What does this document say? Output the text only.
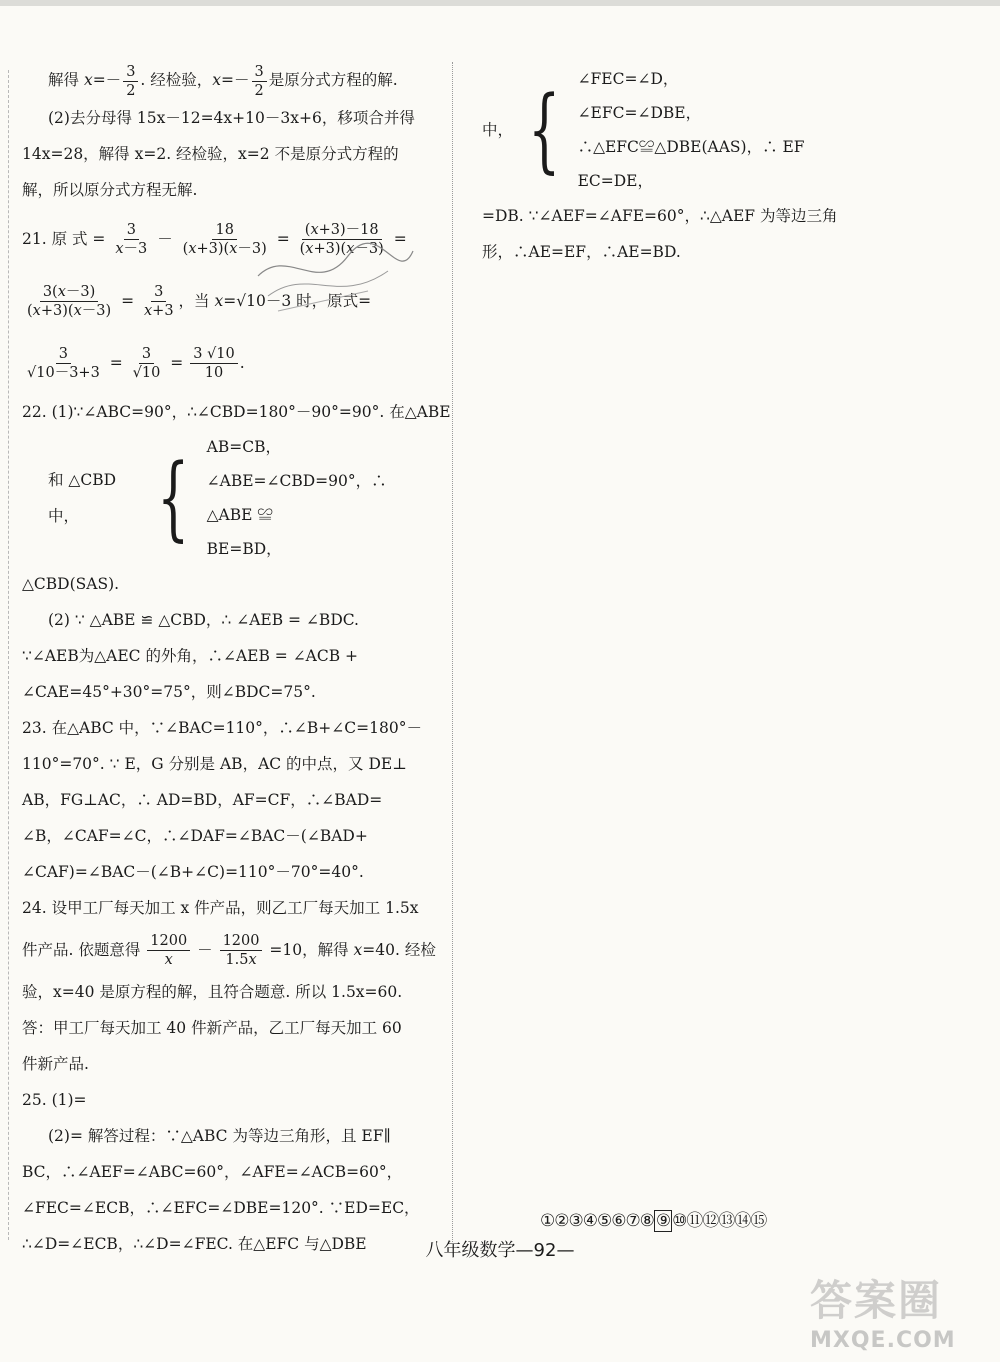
解得 $x=- \frac{3}{2}$ . 经检验，$x=- \frac{3}{2}$ 是原分式方程的解.
(2)去分母得 15x－12=4x+10－3x+6，移项合并得
14x=28，解得 x=2. 经检验，x=2 不是原分式方程的
解，所以原分式方程无解.
21. 原 式 = $\frac{3}{x-3} - \frac{18}{(x+3)(x-3)} = \frac{(x+3)-18}{(x+3)(x-3)}$ =
$\frac{3(x-3)}{(x+3)(x-3)} = \frac{3}{x+3}$ ，当 x=√10－3 时，原式=
$\frac{3}{√10-3+3} = \frac{3}{√10} = \frac{3 √10}{10}$ .
22. (1)∵∠ABC=90°，∴∠CBD=180°－90°=90°. 在△ABE
和 △CBD 中， { AB=CB，
∠ABE=∠CBD=90°，∴ △ABE ≌
BE=BD，
△CBD(SAS).
(2) ∵ △ABE ≌ △CBD，∴ ∠AEB = ∠BDC.
∵∠AEB为△AEC 的外角，∴∠AEB = ∠ACB +
∠CAE=45°+30°=75°，则∠BDC=75°.
23. 在△ABC 中，∵∠BAC=110°，∴∠B+∠C=180°－
110°=70°. ∵ E，G 分别是 AB，AC 的中点，又 DE⊥
AB，FG⊥AC，∴ AD=BD，AF=CF，∴∠BAD=
∠B，∠CAF=∠C，∴∠DAF=∠BAC－(∠BAD+
∠CAF)=∠BAC－(∠B+∠C)=110°－70°=40°.
24. 设甲工厂每天加工 x 件产品，则乙工厂每天加工 1.5x
件产品. 依题意得 $\frac{1200}{x} - \frac{1200}{1.5x} =10$，解得 x=40. 经检
验，x=40 是原方程的解，且符合题意. 所以 1.5x=60.
答：甲工厂每天加工 40 件新产品，乙工厂每天加工 60
件新产品.
25. (1)=
(2)= 解答过程：∵△ABC 为等边三角形，且 EF∥
BC，∴∠AEF=∠ABC=60°，∠AFE=∠ACB=60°，
∠FEC=∠ECB，∴∠EFC=∠DBE=120°. ∵ED=EC，
∴∠D=∠ECB，∴∠D=∠FEC. 在△EFC 与△DBE
中， { ∠FEC=∠D，
∠EFC=∠DBE，∴△EFC≌△DBE(AAS)，∴ EF
EC=DE，
=DB. ∵∠AEF=∠AFE=60°，∴△AEF 为等边三角
形，∴AE=EF，∴AE=BD.
①②③④⑤⑥⑦⑧ ⑨ ⑩⑪⑫⑬⑭⑮
八年级数学—92—
答案圈
MXQE.COM
